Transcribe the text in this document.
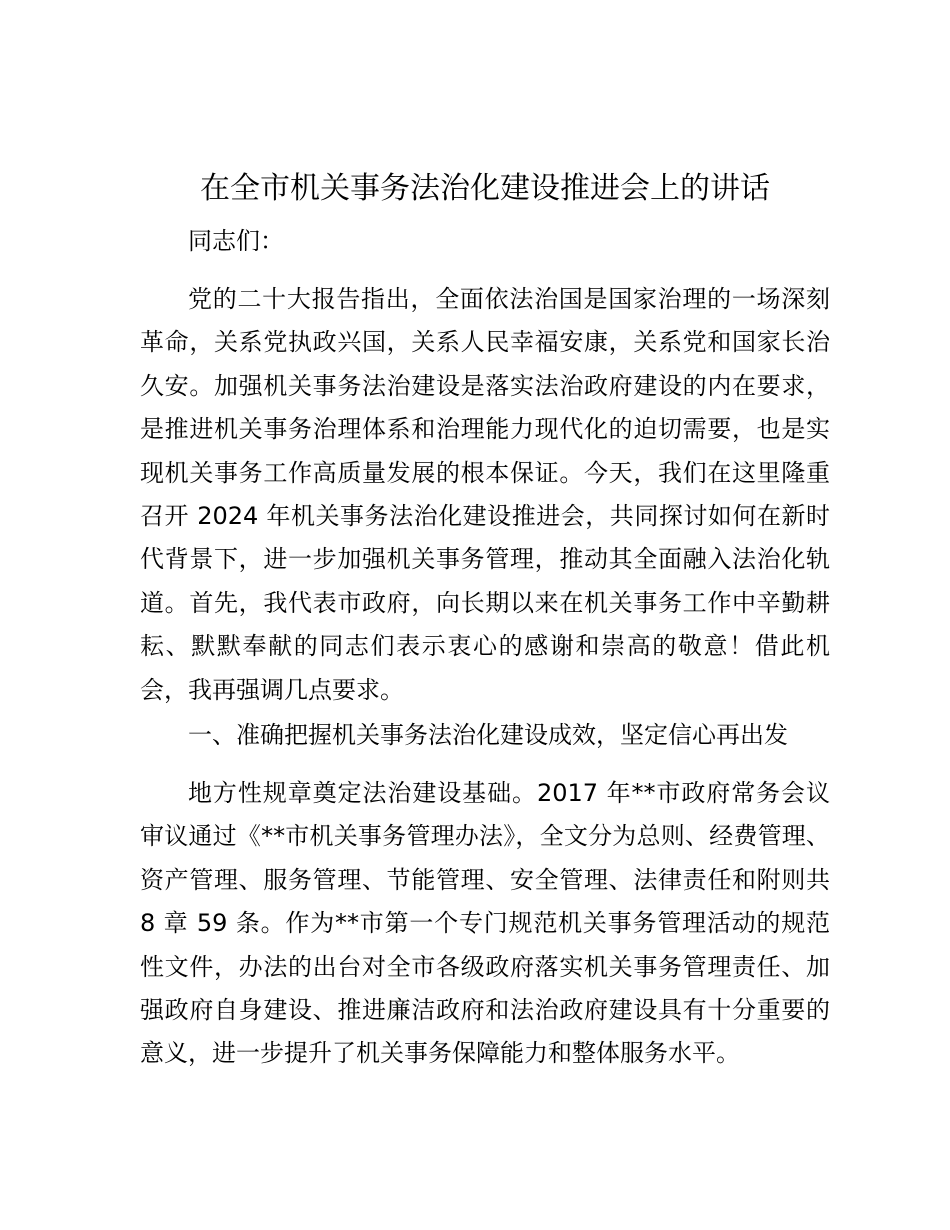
在全市机关事务法治化建设推进会上的讲话

同志们：

党的二十大报告指出，全面依法治国是国家治理的一场深刻革命，关系党执政兴国，关系人民幸福安康，关系党和国家长治久安。加强机关事务法治建设是落实法治政府建设的内在要求，是推进机关事务治理体系和治理能力现代化的迫切需要，也是实现机关事务工作高质量发展的根本保证。今天，我们在这里隆重召开 2024 年机关事务法治化建设推进会，共同探讨如何在新时代背景下，进一步加强机关事务管理，推动其全面融入法治化轨道。首先，我代表市政府，向长期以来在机关事务工作中辛勤耕耘、默默奉献的同志们表示衷心的感谢和崇高的敬意！借此机会，我再强调几点要求。

一、准确把握机关事务法治化建设成效，坚定信心再出发

地方性规章奠定法治建设基础。2017 年**市政府常务会议审议通过《**市机关事务管理办法》，全文分为总则、经费管理、资产管理、服务管理、节能管理、安全管理、法律责任和附则共 8 章 59 条。作为**市第一个专门规范机关事务管理活动的规范性文件，办法的出台对全市各级政府落实机关事务管理责任、加强政府自身建设、推进廉洁政府和法治政府建设具有十分重要的意义，进一步提升了机关事务保障能力和整体服务水平。
